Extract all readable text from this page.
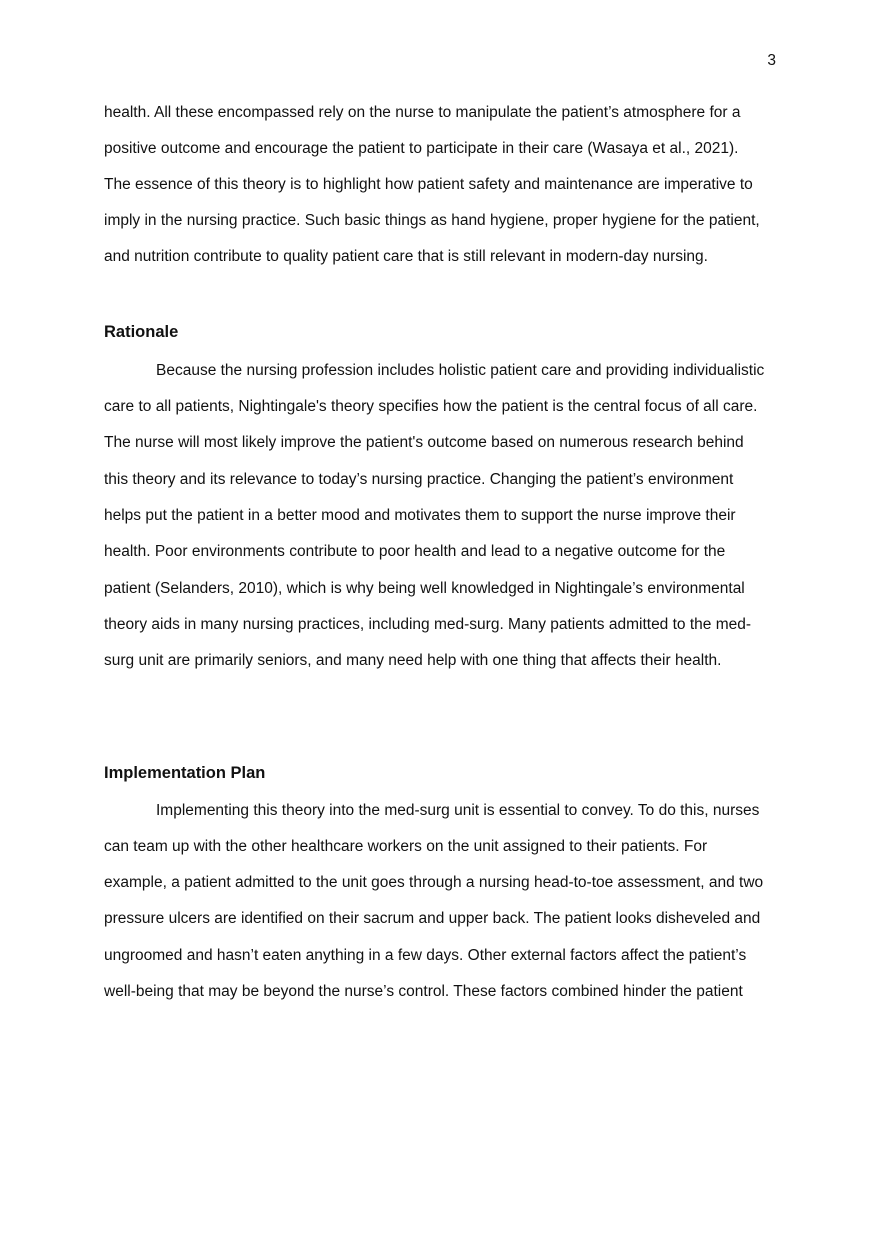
3
health. All these encompassed rely on the nurse to manipulate the patient’s atmosphere for a
positive outcome and encourage the patient to participate in their care (Wasaya et al., 2021).
The essence of this theory is to highlight how patient safety and maintenance are imperative to
imply in the nursing practice. Such basic things as hand hygiene, proper hygiene for the patient,
and nutrition contribute to quality patient care that is still relevant in modern-day nursing.
Rationale
Because the nursing profession includes holistic patient care and providing individualistic
care to all patients, Nightingale's theory specifies how the patient is the central focus of all care.
The nurse will most likely improve the patient's outcome based on numerous research behind
this theory and its relevance to today’s nursing practice. Changing the patient’s environment
helps put the patient in a better mood and motivates them to support the nurse improve their
health. Poor environments contribute to poor health and lead to a negative outcome for the
patient (Selanders, 2010), which is why being well knowledged in Nightingale’s environmental
theory aids in many nursing practices, including med-surg. Many patients admitted to the med-
surg unit are primarily seniors, and many need help with one thing that affects their health.
Implementation Plan
Implementing this theory into the med-surg unit is essential to convey. To do this, nurses
can team up with the other healthcare workers on the unit assigned to their patients. For
example, a patient admitted to the unit goes through a nursing head-to-toe assessment, and two
pressure ulcers are identified on their sacrum and upper back. The patient looks disheveled and
ungroomed and hasn’t eaten anything in a few days. Other external factors affect the patient’s
well-being that may be beyond the nurse’s control. These factors combined hinder the patient
